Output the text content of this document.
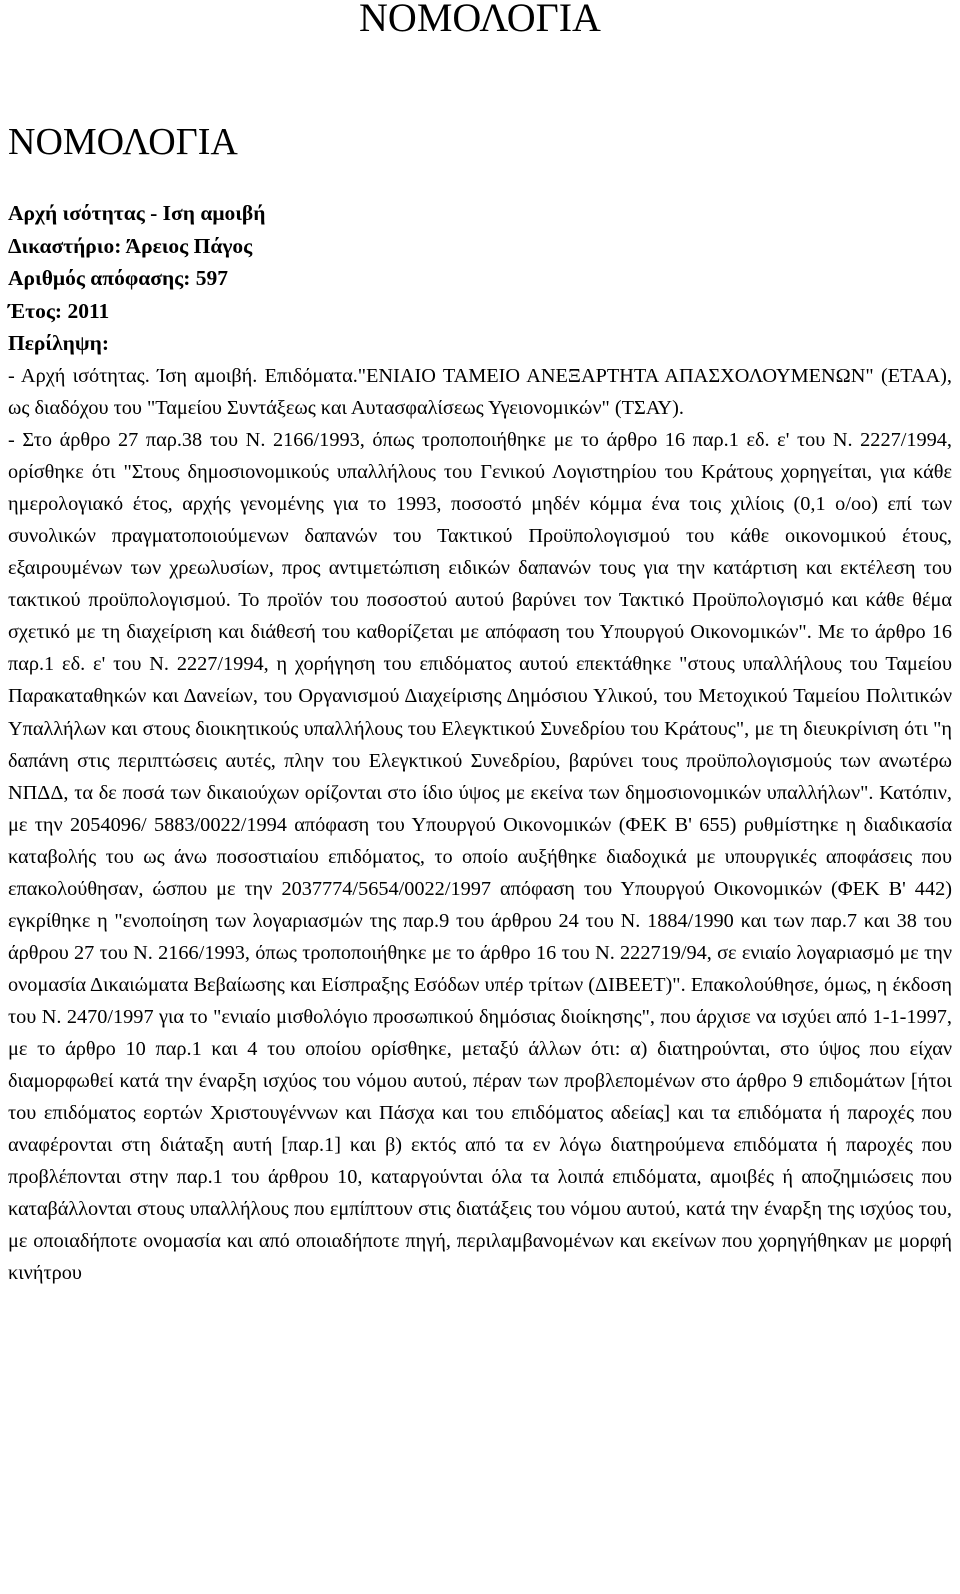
ΝΟΜΟΛΟΓΙΑ
ΝΟΜΟΛΟΓΙΑ
Αρχή ισότητας - Ιση αμοιβή
Δικαστήριο: Άρειος Πάγος
Αριθμός απόφασης: 597
Έτος: 2011
Περίληψη:

- Αρχή ισότητας. Ίση αμοιβή. Επιδόματα."ΕΝΙΑΙΟ ΤΑΜΕΙΟ ΑΝΕΞΑΡΤΗΤΑ ΑΠΑΣΧΟΛΟΥΜΕΝΩΝ" (ΕΤΑΑ), ως διαδόχου του "Ταμείου Συντάξεως και Αυτασφαλίσεως Υγειονομικών" (ΤΣΑΥ).

- Στο άρθρο 27 παρ.38 του Ν. 2166/1993, όπως τροποποιήθηκε με το άρθρο 16 παρ.1 εδ. ε' του Ν. 2227/1994, ορίσθηκε ότι "Στους δημοσιονομικούς υπαλλήλους του Γενικού Λογιστηρίου του Κράτους χορηγείται, για κάθε ημερολογιακό έτος, αρχής γενομένης για το 1993, ποσοστό μηδέν κόμμα ένα τοις χιλίοις (0,1 ο/οο) επί των συνολικών πραγματοποιούμενων δαπανών του Τακτικού Προϋπολογισμού του κάθε οικονομικού έτους, εξαιρουμένων των χρεωλυσίων, προς αντιμετώπιση ειδικών δαπανών τους για την κατάρτιση και εκτέλεση του τακτικού προϋπολογισμού. Το προϊόν του ποσοστού αυτού βαρύνει τον Τακτικό Προϋπολογισμό και κάθε θέμα σχετικό με τη διαχείριση και διάθεσή του καθορίζεται με απόφαση του Υπουργού Οικονομικών". Με το άρθρο 16 παρ.1 εδ. ε' του Ν. 2227/1994, η χορήγηση του επιδόματος αυτού επεκτάθηκε "στους υπαλλήλους του Ταμείου Παρακαταθηκών και Δανείων, του Οργανισμού Διαχείρισης Δημόσιου Υλικού, του Μετοχικού Ταμείου Πολιτικών Υπαλλήλων και στους διοικητικούς υπαλλήλους του Ελεγκτικού Συνεδρίου του Κράτους", με τη διευκρίνιση ότι "η δαπάνη στις περιπτώσεις αυτές, πλην του Ελεγκτικού Συνεδρίου, βαρύνει τους προϋπολογισμούς των ανωτέρω ΝΠΔΔ, τα δε ποσά των δικαιούχων ορίζονται στο ίδιο ύψος με εκείνα των δημοσιονομικών υπαλλήλων". Κατόπιν, με την 2054096/ 5883/0022/1994 απόφαση του Υπουργού Οικονομικών (ΦΕΚ Β' 655) ρυθμίστηκε η διαδικασία καταβολής του ως άνω ποσοστιαίου επιδόματος, το οποίο αυξήθηκε διαδοχικά με υπουργικές αποφάσεις που επακολούθησαν, ώσπου με την 2037774/5654/0022/1997 απόφαση του Υπουργού Οικονομικών (ΦΕΚ Β' 442) εγκρίθηκε η "ενοποίηση των λογαριασμών της παρ.9 του άρθρου 24 του Ν. 1884/1990 και των παρ.7 και 38 του άρθρου 27 του Ν. 2166/1993, όπως τροποποιήθηκε με το άρθρο 16 του Ν. 222719/94, σε ενιαίο λογαριασμό με την ονομασία Δικαιώματα Βεβαίωσης και Είσπραξης Εσόδων υπέρ τρίτων (ΔΙΒΕΕΤ)". Επακολούθησε, όμως, η έκδοση του Ν. 2470/1997 για το "ενιαίο μισθολόγιο προσωπικού δημόσιας διοίκησης", που άρχισε να ισχύει από 1-1-1997, με το άρθρο 10 παρ.1 και 4 του οποίου ορίσθηκε, μεταξύ άλλων ότι: α) διατηρούνται, στο ύψος που είχαν διαμορφωθεί κατά την έναρξη ισχύος του νόμου αυτού, πέραν των προβλεπομένων στο άρθρο 9 επιδομάτων [ήτοι του επιδόματος εορτών Χριστουγέννων και Πάσχα και του επιδόματος αδείας] και τα επιδόματα ή παροχές που αναφέρονται στη διάταξη αυτή [παρ.1] και β) εκτός από τα εν λόγω διατηρούμενα επιδόματα ή παροχές που προβλέπονται στην παρ.1 του άρθρου 10, καταργούνται όλα τα λοιπά επιδόματα, αμοιβές ή αποζημιώσεις που καταβάλλονται στους υπαλλήλους που εμπίπτουν στις διατάξεις του νόμου αυτού, κατά την έναρξη της ισχύος του, με οποιαδήποτε ονομασία και από οποιαδήποτε πηγή, περιλαμβανομένων και εκείνων που χορηγήθηκαν με μορφή κινήτρου
